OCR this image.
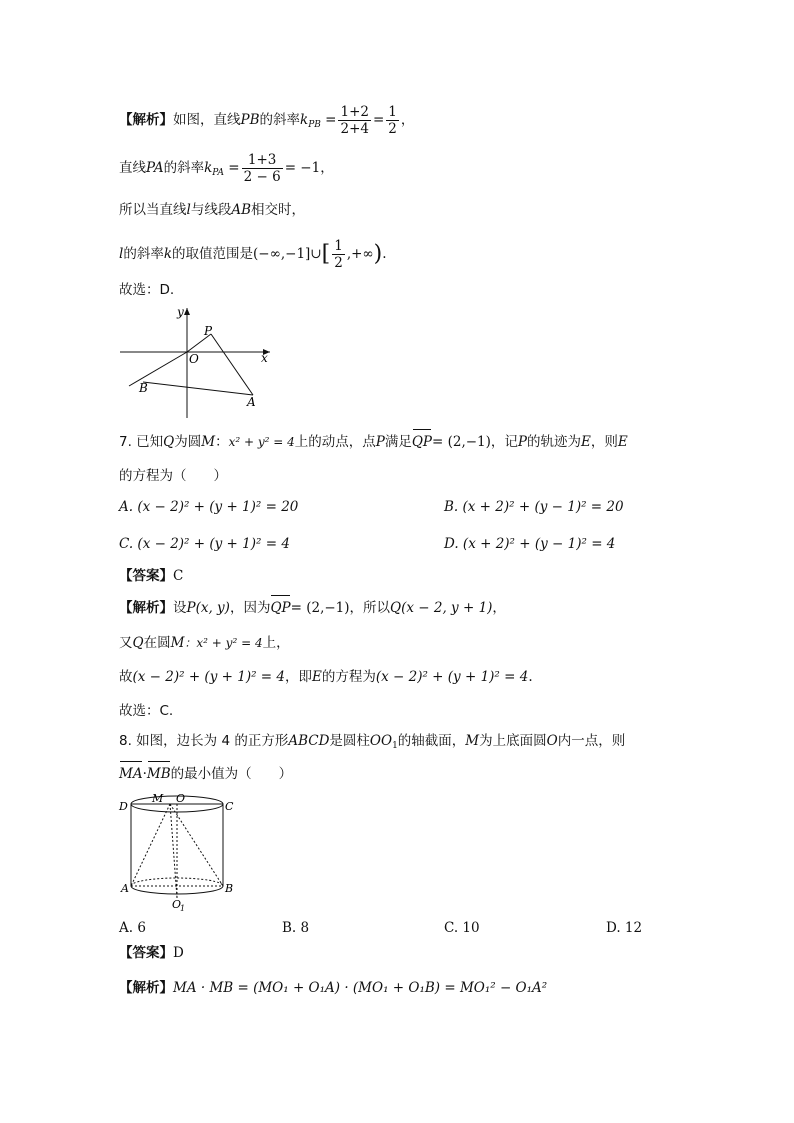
【解析】如图，直线PB的斜率$k_{PB} = \frac{1+2}{2+4} = \frac{1}{2}$ ，
直线PA的斜率$k_{PA} = \frac{1+3}{2 - 6} = -1$，
所以当直线l与线段AB相交时，
l的斜率k的取值范围是(−∞,−1]∪[ $\frac{1}{2}$ ,+∞).
故选：D.
y
x
P
O
B
A
7. 已知Q为圆M：x² + y² = 4上的动点，点P满足QP= (2,−1)，记P的轨迹为E，则E
的方程为（　　）
A. (x − 2)² + (y + 1)² = 20	B. (x + 2)² + (y − 1)² = 20
C. (x − 2)² + (y + 1)² = 4	D. (x + 2)² + (y − 1)² = 4
【答案】C
【解析】设P(x, y)，因为QP= (2,−1)，所以Q(x − 2, y + 1)，
又Q在圆M：x² + y² = 4上，
故(x − 2)² + (y + 1)² = 4，即E的方程为(x − 2)² + (y + 1)² = 4.
故选：C.
8. 如图，边长为 4 的正方形ABCD是圆柱$OO_1$的轴截面，M为上底面圆O内一点，则
MA·MB的最小值为（　　）
D
M O
C
A	B
O
1
A. 6	B. 8	C. 10	D. 12
【答案】D
【解析】MA · MB = (MO₁ + O₁A) · (MO₁ + O₁B) = MO₁² − O₁A²
